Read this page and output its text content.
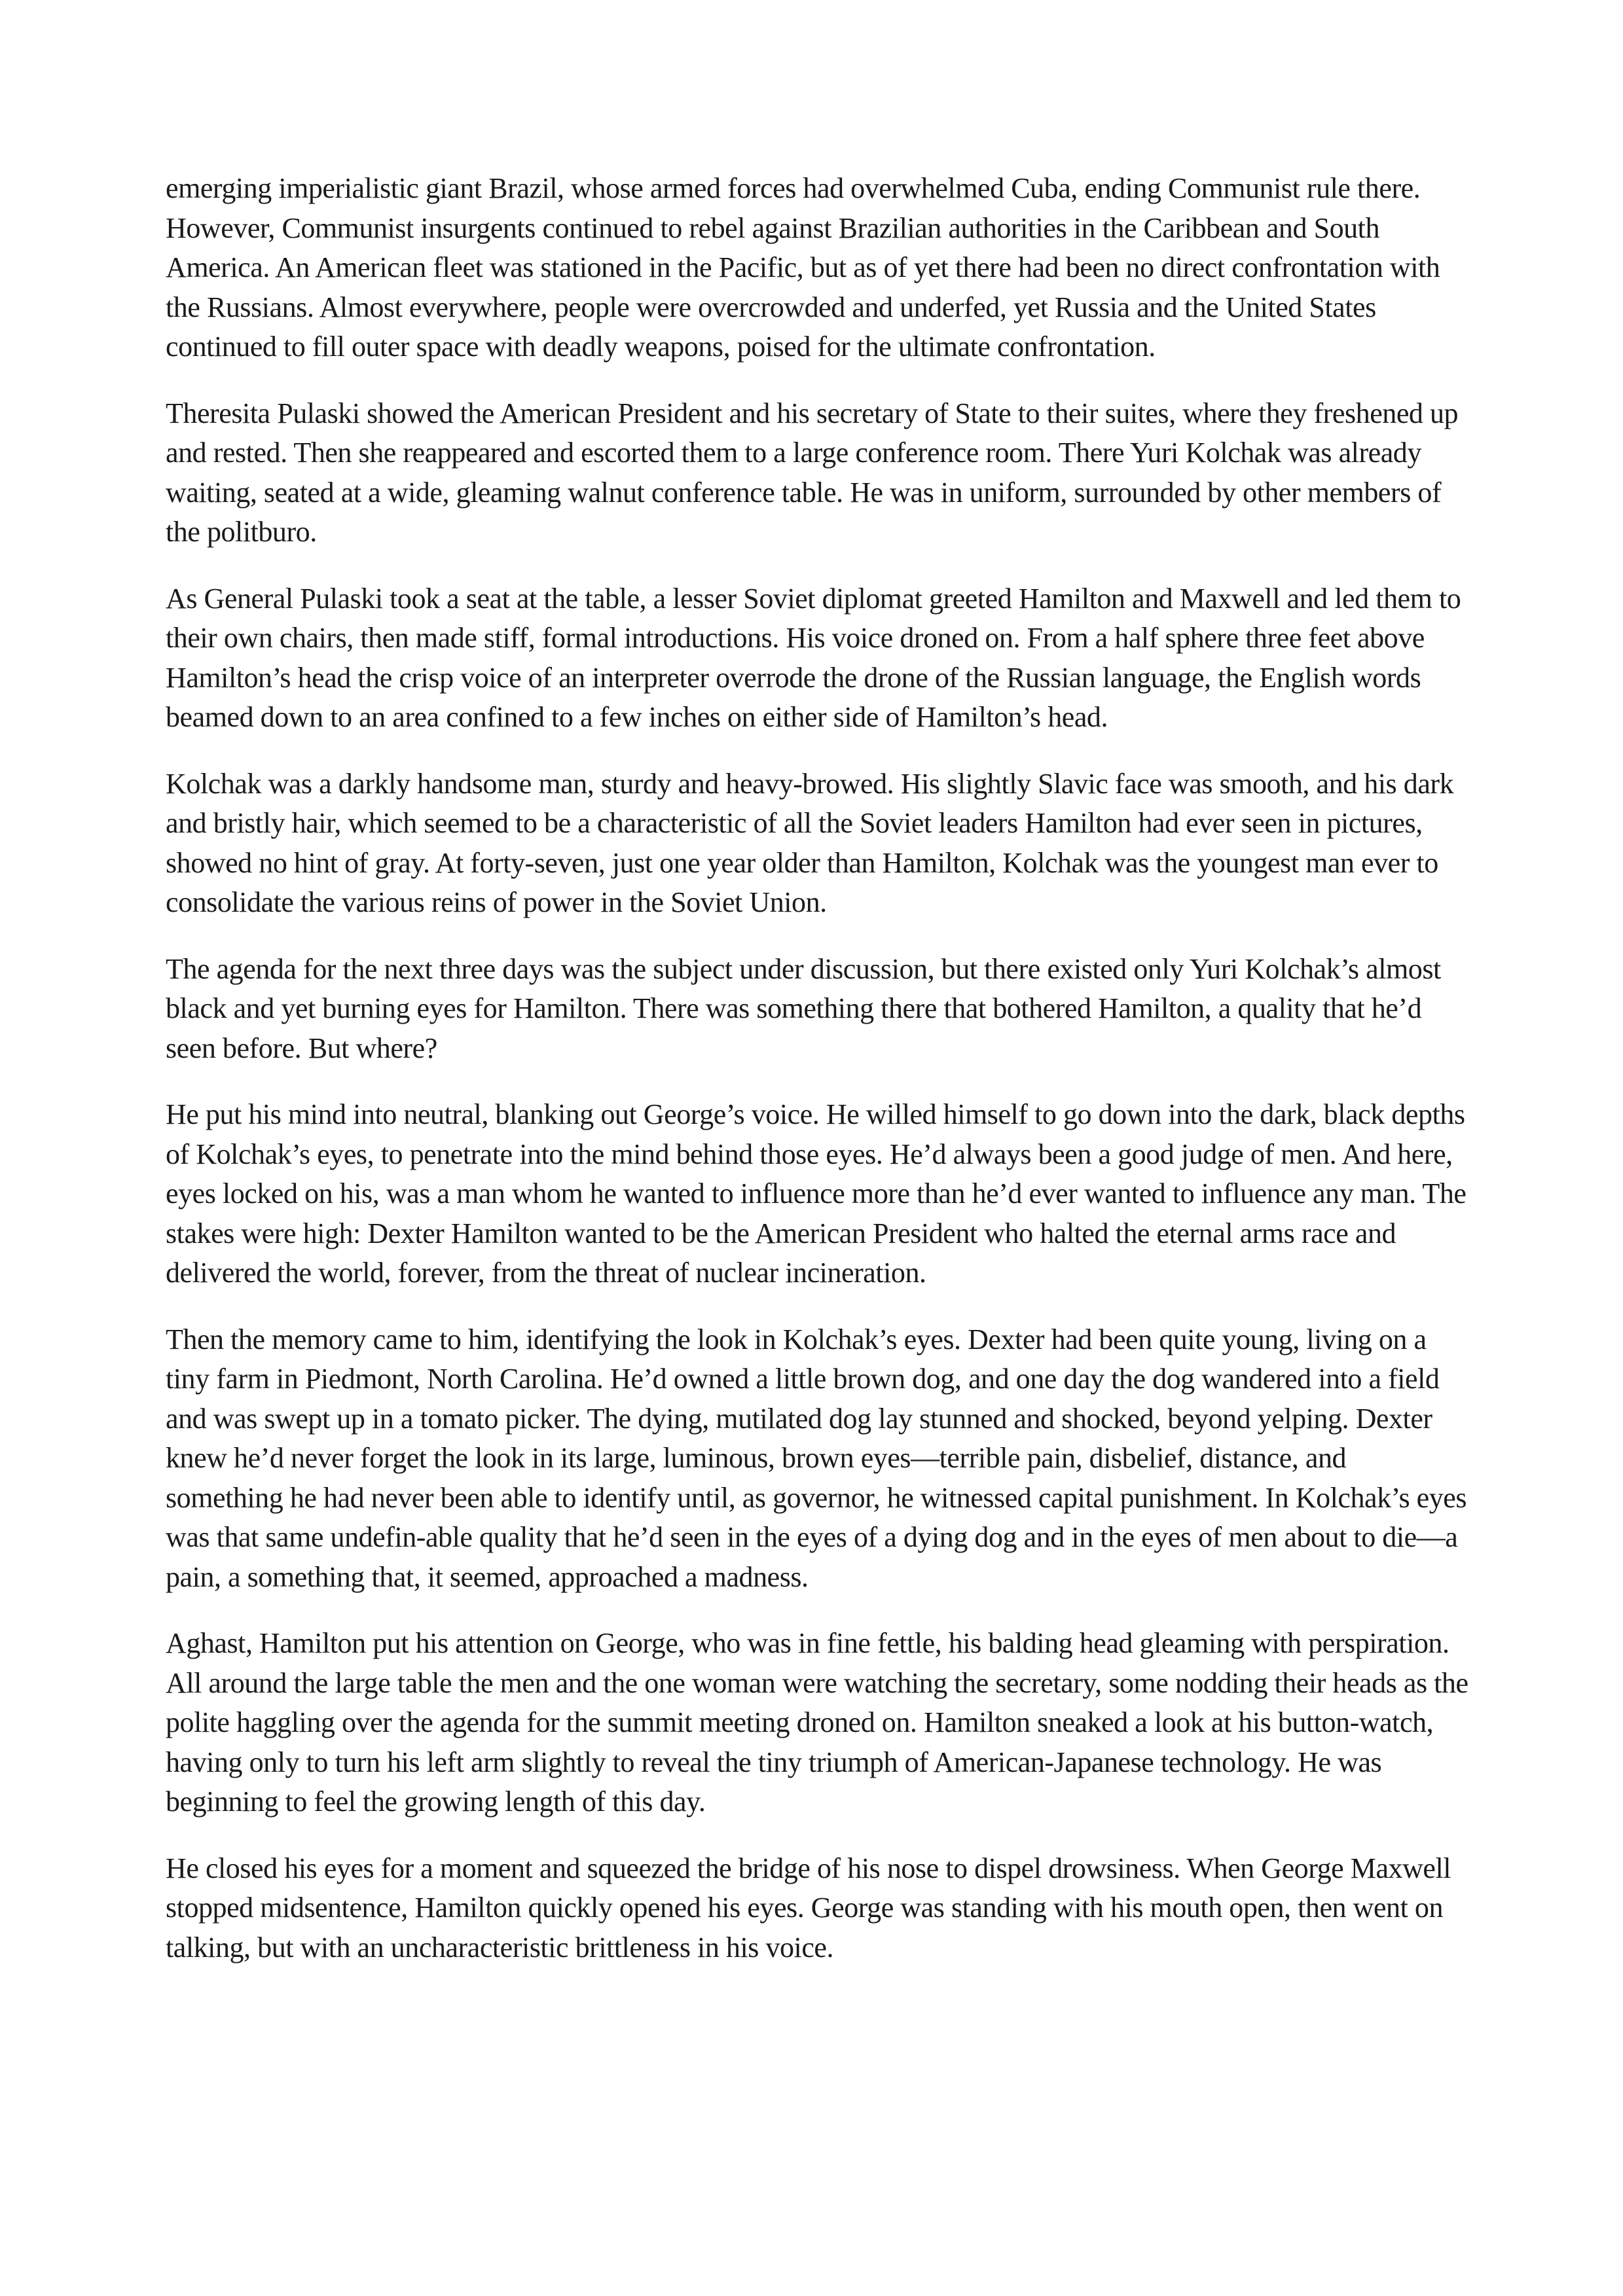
emerging imperialistic giant Brazil, whose armed forces had overwhelmed Cuba, ending Communist rule there. However, Communist insurgents continued to rebel against Brazilian authorities in the Caribbean and South America. An American fleet was stationed in the Pacific, but as of yet there had been no direct confrontation with the Russians. Almost everywhere, people were overcrowded and underfed, yet Russia and the United States continued to fill outer space with deadly weapons, poised for the ultimate confrontation.

Theresita Pulaski showed the American President and his secretary of State to their suites, where they freshened up and rested. Then she reappeared and escorted them to a large conference room. There Yuri Kolchak was already waiting, seated at a wide, gleaming walnut conference table. He was in uniform, surrounded by other members of the politburo.

As General Pulaski took a seat at the table, a lesser Soviet diplomat greeted Hamilton and Maxwell and led them to their own chairs, then made stiff, formal introductions. His voice droned on. From a half sphere three feet above Hamilton’s head the crisp voice of an interpreter overrode the drone of the Russian language, the English words beamed down to an area confined to a few inches on either side of Hamilton’s head.

Kolchak was a darkly handsome man, sturdy and heavy-browed. His slightly Slavic face was smooth, and his dark and bristly hair, which seemed to be a characteristic of all the Soviet leaders Hamilton had ever seen in pictures, showed no hint of gray. At forty-seven, just one year older than Hamilton, Kolchak was the youngest man ever to consolidate the various reins of power in the Soviet Union.

The agenda for the next three days was the subject under discussion, but there existed only Yuri Kolchak’s almost black and yet burning eyes for Hamilton. There was something there that bothered Hamilton, a quality that he’d seen before. But where?

He put his mind into neutral, blanking out George’s voice. He willed himself to go down into the dark, black depths of Kolchak’s eyes, to penetrate into the mind behind those eyes. He’d always been a good judge of men. And here, eyes locked on his, was a man whom he wanted to influence more than he’d ever wanted to influence any man. The stakes were high: Dexter Hamilton wanted to be the American President who halted the eternal arms race and delivered the world, forever, from the threat of nuclear incineration.

Then the memory came to him, identifying the look in Kolchak’s eyes. Dexter had been quite young, living on a tiny farm in Piedmont, North Carolina. He’d owned a little brown dog, and one day the dog wandered into a field and was swept up in a tomato picker. The dying, mutilated dog lay stunned and shocked, beyond yelping. Dexter knew he’d never forget the look in its large, luminous, brown eyes—terrible pain, disbelief, distance, and something he had never been able to identify until, as governor, he witnessed capital punishment. In Kolchak’s eyes was that same undefin-able quality that he’d seen in the eyes of a dying dog and in the eyes of men about to die—a pain, a something that, it seemed, approached a madness.

Aghast, Hamilton put his attention on George, who was in fine fettle, his balding head gleaming with perspiration. All around the large table the men and the one woman were watching the secretary, some nodding their heads as the polite haggling over the agenda for the summit meeting droned on. Hamilton sneaked a look at his button-watch, having only to turn his left arm slightly to reveal the tiny triumph of American-Japanese technology. He was beginning to feel the growing length of this day.

He closed his eyes for a moment and squeezed the bridge of his nose to dispel drowsiness. When George Maxwell stopped midsentence, Hamilton quickly opened his eyes. George was standing with his mouth open, then went on talking, but with an uncharacteristic brittleness in his voice.
